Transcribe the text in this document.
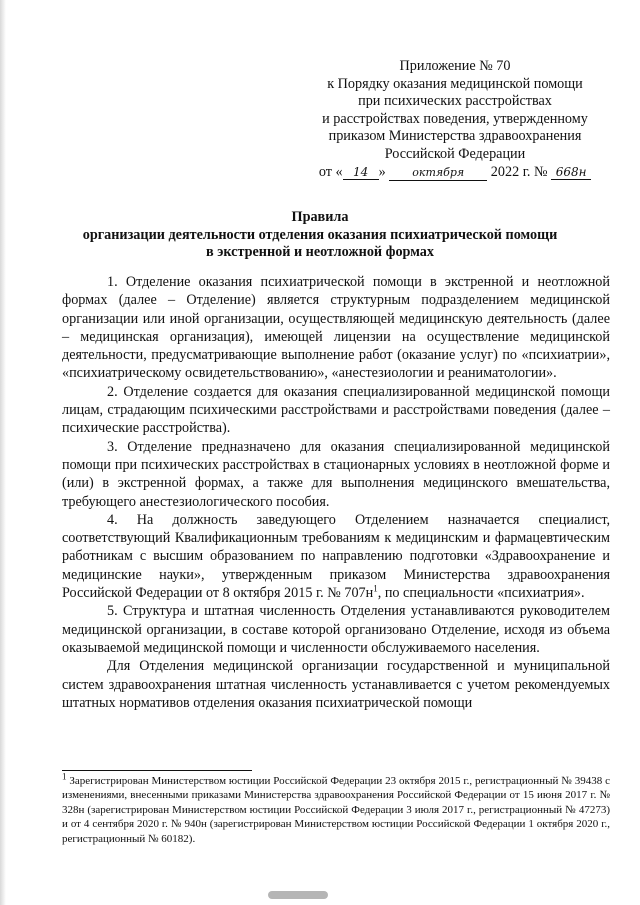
Приложение № 70
к Порядку оказания медицинской помощи
при психических расстройствах
и расстройствах поведения, утвержденному
приказом Министерства здравоохранения
Российской Федерации
от « 14 » октября 2022 г. № 668н
Правила
организации деятельности отделения оказания психиатрической помощи
в экстренной и неотложной формах

1. Отделение оказания психиатрической помощи в экстренной и неотложной формах (далее – Отделение) является структурным подразделением медицинской организации или иной организации, осуществляющей медицинскую деятельность (далее – медицинская организация), имеющей лицензии на осуществление медицинской деятельности, предусматривающие выполнение работ (оказание услуг) по «психиатрии», «психиатрическому освидетельствованию», «анестезиологии и реаниматологии».

2. Отделение создается для оказания специализированной медицинской помощи лицам, страдающим психическими расстройствами и расстройствами поведения (далее – психические расстройства).

3. Отделение предназначено для оказания специализированной медицинской помощи при психических расстройствах в стационарных условиях в неотложной форме и (или) в экстренной формах, а также для выполнения медицинского вмешательства, требующего анестезиологического пособия.

4. На должность заведующего Отделением назначается специалист, соответствующий Квалификационным требованиям к медицинским и фармацевтическим работникам с высшим образованием по направлению подготовки «Здравоохранение и медицинские науки», утвержденным приказом Министерства здравоохранения Российской Федерации от 8 октября 2015 г. № $707н^1$, по специальности «психиатрия».

5. Структура и штатная численность Отделения устанавливаются руководителем медицинской организации, в составе которой организовано Отделение, исходя из объема оказываемой медицинской помощи и численности обслуживаемого населения.

Для Отделения медицинской организации государственной и муниципальной систем здравоохранения штатная численность устанавливается с учетом рекомендуемых штатных нормативов отделения оказания психиатрической помощи

$^1$ Зарегистрирован Министерством юстиции Российской Федерации 23 октября 2015 г., регистрационный № 39438 с изменениями, внесенными приказами Министерства здравоохранения Российской Федерации от 15 июня 2017 г. № 328н (зарегистрирован Министерством юстиции Российской Федерации 3 июля 2017 г., регистрационный № 47273) и от 4 сентября 2020 г. № 940н (зарегистрирован Министерством юстиции Российской Федерации 1 октября 2020 г., регистрационный № 60182).
